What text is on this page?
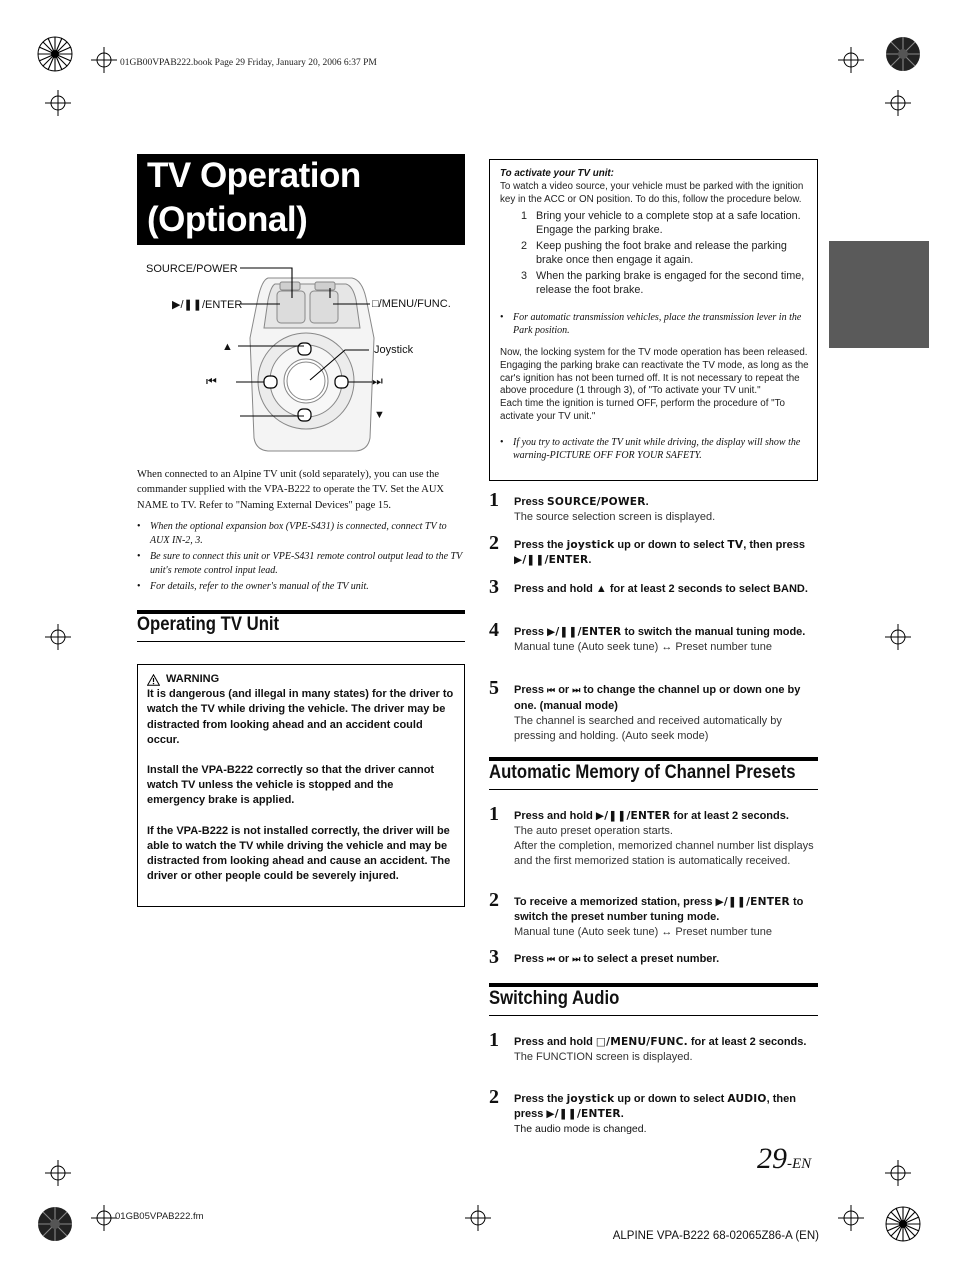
01GB00VPAB222.book Page 29 Friday, January 20, 2006 6:37 PM
TV Operation
(Optional)
SOURCE/POWER
▶/❚❚/ENTER	□/MENU/FUNC.
▲	Joystick
⏮	⏭
▼
When connected to an Alpine TV unit (sold separately), you can use the commander supplied with the VPA-B222 to operate the TV. Set the AUX NAME to TV. Refer to "Naming External Devices" page 15.
• When the optional expansion box (VPE-S431) is connected, connect TV to AUX IN-2, 3.
• Be sure to connect this unit or VPE-S431 remote control output lead to the TV unit's remote control input lead.
• For details, refer to the owner's manual of the TV unit.
Operating TV Unit
WARNING

It is dangerous (and illegal in many states) for the driver to watch the TV while driving the vehicle. The driver may be distracted from looking ahead and an accident could occur.

Install the VPA-B222 correctly so that the driver cannot watch TV unless the vehicle is stopped and the emergency brake is applied.

If the VPA-B222 is not installed correctly, the driver will be able to watch the TV while driving the vehicle and may be distracted from looking ahead and cause an accident. The driver or other people could be severely injured.

To activate your TV unit:
To watch a video source, your vehicle must be parked with the ignition key in the ACC or ON position. To do this, follow the procedure below.
1 Bring your vehicle to a complete stop at a safe location. Engage the parking brake.
2 Keep pushing the foot brake and release the parking brake once then engage it again.
3 When the parking brake is engaged for the second time, release the foot brake.
• For automatic transmission vehicles, place the transmission lever in the Park position.

Now, the locking system for the TV mode operation has been released. Engaging the parking brake can reactivate the TV mode, as long as the car's ignition has not been turned off. It is not necessary to repeat the above procedure (1 through 3), of "To activate your TV unit."

Each time the ignition is turned OFF, perform the procedure of "To activate your TV unit."

• If you try to activate the TV unit while driving, the display will show the warning-PICTURE OFF FOR YOUR SAFETY.
1 Press SOURCE/POWER.
The source selection screen is displayed.
2 Press the joystick up or down to select TV, then press ▶/❚❚/ENTER.
3 Press and hold ▲ for at least 2 seconds to select BAND.
4 Press ▶/❚❚/ENTER to switch the manual tuning mode.
Manual tune (Auto seek tune) ↔ Preset number tune
5 Press ⏮ or ⏭ to change the channel up or down one by one. (manual mode)
The channel is searched and received automatically by pressing and holding. (Auto seek mode)
Automatic Memory of Channel Presets
1 Press and hold ▶/❚❚/ENTER for at least 2 seconds.
The auto preset operation starts.
After the completion, memorized channel number list displays and the first memorized station is automatically received.
2 To receive a memorized station, press ▶/❚❚/ENTER to switch the preset number tuning mode.
Manual tune (Auto seek tune) ↔ Preset number tune
3 Press ⏮ or ⏭ to select a preset number.
Switching Audio
1 Press and hold □/MENU/FUNC. for at least 2 seconds.
The FUNCTION screen is displayed.
2 Press the joystick up or down to select AUDIO, then press ▶/❚❚/ENTER.
The audio mode is changed.
29-EN
01GB05VPAB222.fm
ALPINE VPA-B222 68-02065Z86-A (EN)
